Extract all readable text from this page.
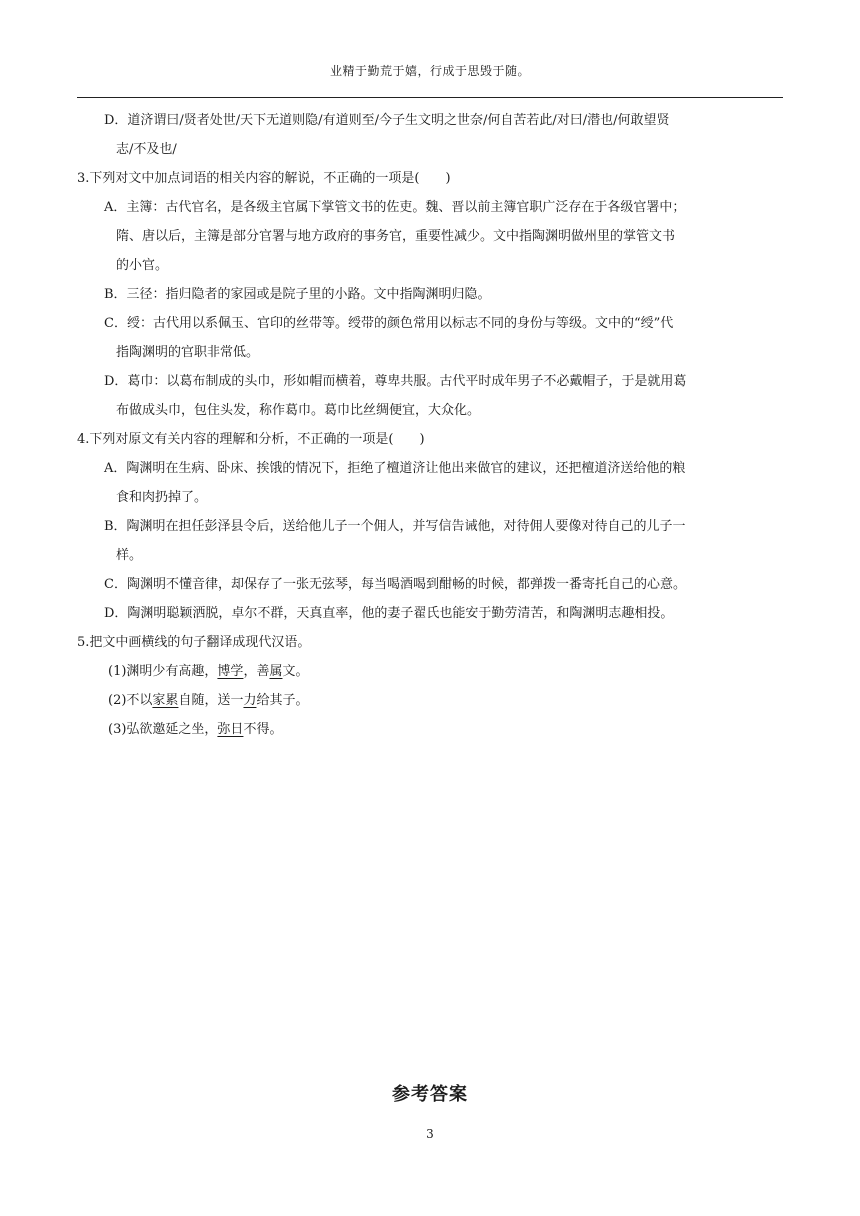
业精于勤荒于嬉，行成于思毁于随。
D．道济谓曰/贤者处世/天下无道则隐/有道则至/今子生文明之世奈/何自苦若此/对曰/潜也/何敢望贤
志/不及也/

3.下列对文中加点词语的相关内容的解说，不正确的一项是(　　)

A．主簿：古代官名，是各级主官属下掌管文书的佐吏。魏、晋以前主簿官职广泛存在于各级官署中；
隋、唐以后，主簿是部分官署与地方政府的事务官，重要性减少。文中指陶渊明做州里的掌管文书
的小官。
B．三径：指归隐者的家园或是院子里的小路。文中指陶渊明归隐。
C．绶：古代用以系佩玉、官印的丝带等。绶带的颜色常用以标志不同的身份与等级。文中的“绶”代
指陶渊明的官职非常低。
D．葛巾：以葛布制成的头巾，形如帽而横着，尊卑共服。古代平时成年男子不必戴帽子，于是就用葛
布做成头巾，包住头发，称作葛巾。葛巾比丝绸便宜，大众化。

4.下列对原文有关内容的理解和分析，不正确的一项是(　　)

A．陶渊明在生病、卧床、挨饿的情况下，拒绝了檀道济让他出来做官的建议，还把檀道济送给他的粮
食和肉扔掉了。
B．陶渊明在担任彭泽县令后，送给他儿子一个佣人，并写信告诫他，对待佣人要像对待自己的儿子一
样。
C．陶渊明不懂音律，却保存了一张无弦琴，每当喝酒喝到酣畅的时候，都弹拨一番寄托自己的心意。
D．陶渊明聪颖洒脱，卓尔不群，天真直率，他的妻子翟氏也能安于勤劳清苦，和陶渊明志趣相投。

5.把文中画横线的句子翻译成现代汉语。

(1)渊明少有高趣，博学，善属文。

(2)不以家累自随，送一力给其子。

(3)弘欲邀延之坐，弥日不得。

参考答案
3
